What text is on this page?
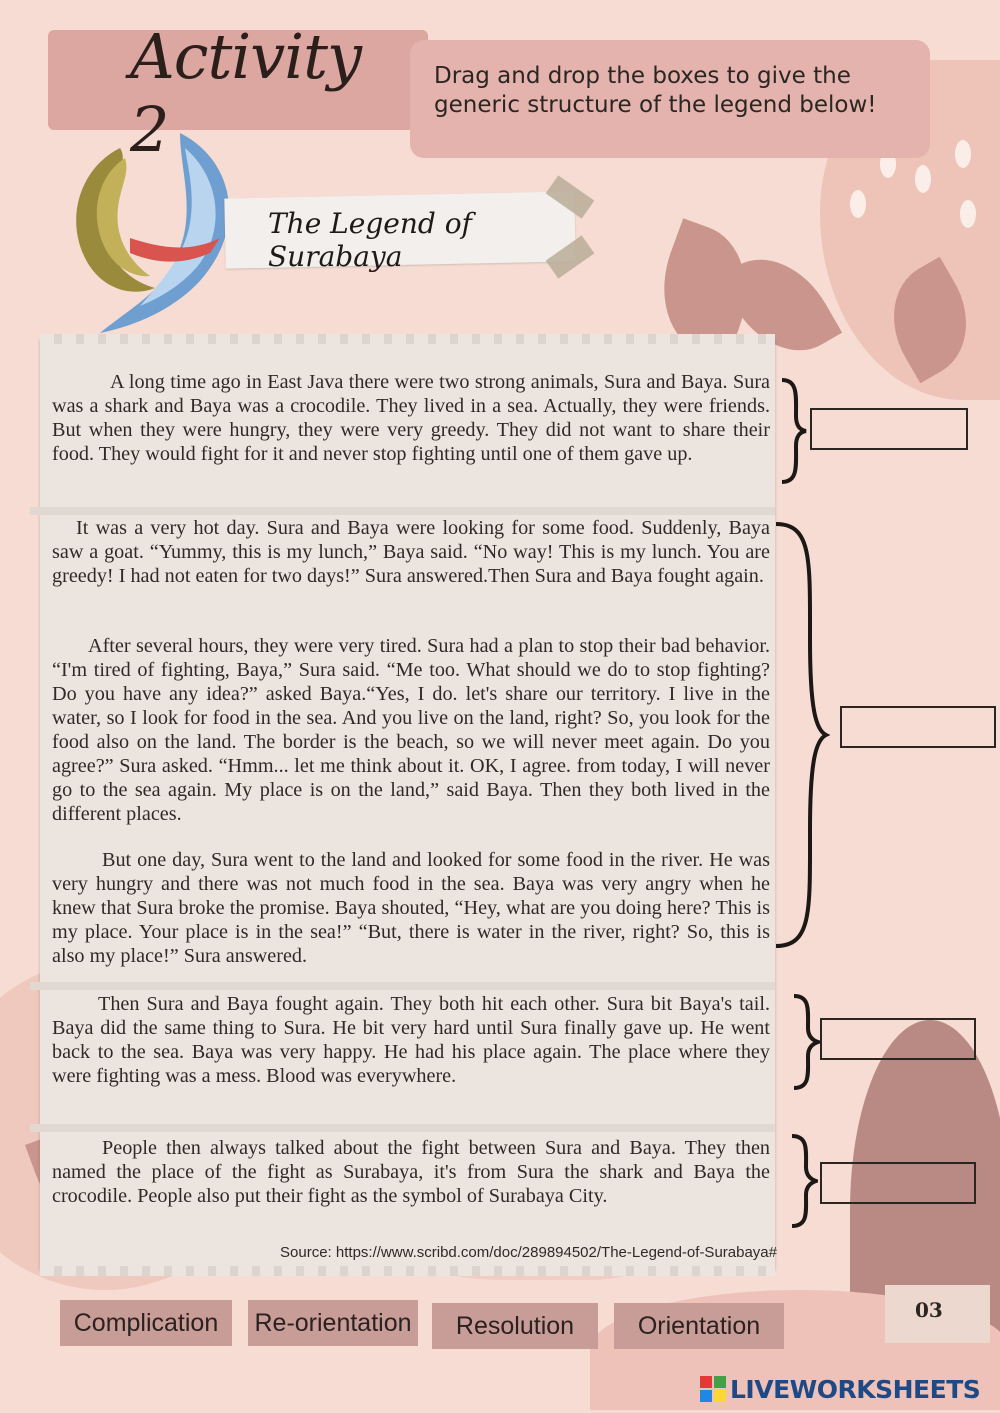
Activity 2
Drag and drop the boxes to give the generic structure of the legend below!
The Legend of Surabaya

A long time ago in East Java there were two strong animals, Sura and Baya. Sura was a shark and Baya was a crocodile. They lived in a sea. Actually, they were friends. But when they were hungry, they were very greedy. They did not want to share their food. They would fight for it and never stop fighting until one of them gave up.

It was a very hot day. Sura and Baya were looking for some food. Suddenly, Baya saw a goat. “Yummy, this is my lunch,” Baya said. “No way! This is my lunch. You are greedy! I had not eaten for two days!” Sura answered.Then Sura and Baya fought again.

After several hours, they were very tired. Sura had a plan to stop their bad behavior. “I'm tired of fighting, Baya,” Sura said. “Me too. What should we do to stop fighting? Do you have any idea?” asked Baya.“Yes, I do. let's share our territory. I live in the water, so I look for food in the sea. And you live on the land, right? So, you look for the food also on the land. The border is the beach, so we will never meet again. Do you agree?” Sura asked. “Hmm... let me think about it. OK, I agree. from today, I will never go to the sea again. My place is on the land,” said Baya. Then they both lived in the different places.

But one day, Sura went to the land and looked for some food in the river. He was very hungry and there was not much food in the sea. Baya was very angry when he knew that Sura broke the promise. Baya shouted, “Hey, what are you doing here? This is my place. Your place is in the sea!” “But, there is water in the river, right? So, this is also my place!” Sura answered.

Then Sura and Baya fought again. They both hit each other. Sura bit Baya's tail. Baya did the same thing to Sura. He bit very hard until Sura finally gave up. He went back to the sea. Baya was very happy. He had his place again. The place where they were fighting was a mess. Blood was everywhere.

People then always talked about the fight between Sura and Baya. They then named the place of the fight as Surabaya, it's from Sura the shark and Baya the crocodile. People also put their fight as the symbol of Surabaya City.

Source: https://www.scribd.com/doc/289894502/The-Legend-of-Surabaya#
Complication	Re-orientation	Resolution	Orientation
03
LIVEWORKSHEETS
